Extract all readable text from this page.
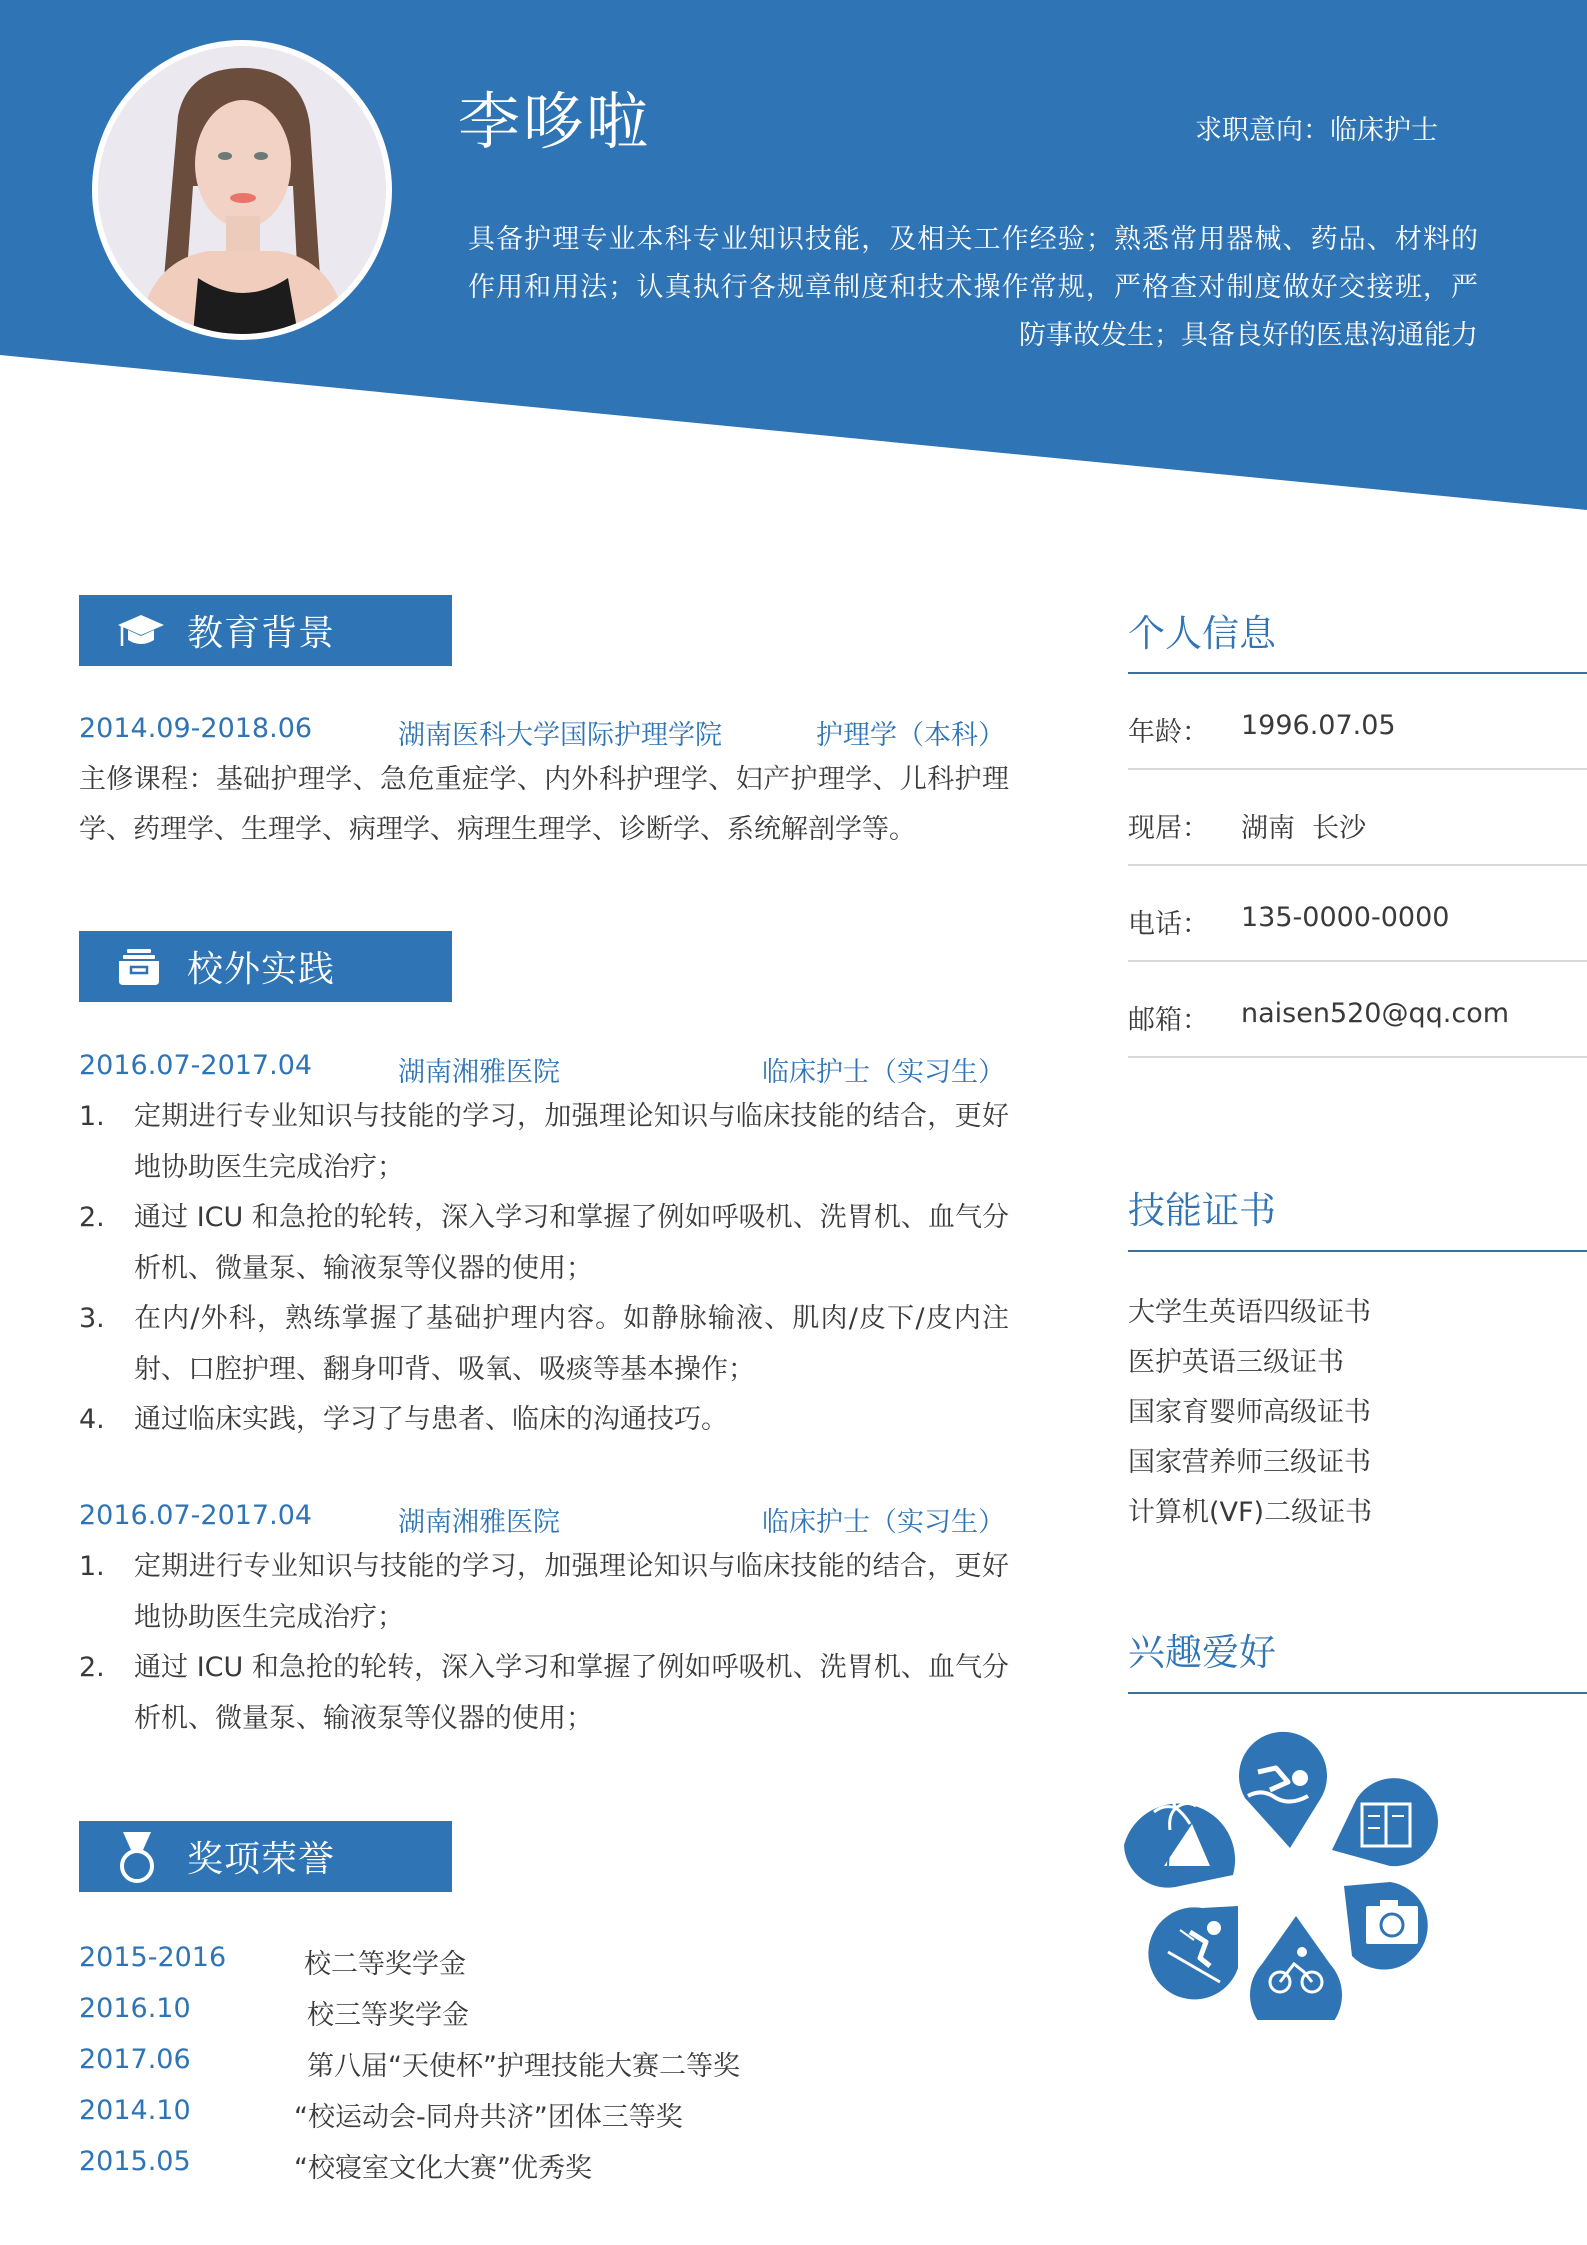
李哆啦	求职意向：临床护士
具备护理专业本科专业知识技能，及相关工作经验；熟悉常用器械、药品、材料的
作用和用法；认真执行各规章制度和技术操作常规，严格查对制度做好交接班，严
防事故发生；具备良好的医患沟通能力
教育背景
2014.09-2018.06	湖南医科大学国际护理学院	护理学（本科）
主修课程：基础护理学、急危重症学、内外科护理学、妇产护理学、儿科护理学、药理学、生理学、病理学、病理生理学、诊断学、系统解剖学等。
校外实践
2016.07-2017.04	湖南湘雅医院	临床护士（实习生）
1. 定期进行专业知识与技能的学习，加强理论知识与临床技能的结合，更好地协助医生完成治疗；
2. 通过 ICU 和急抢的轮转，深入学习和掌握了例如呼吸机、洗胃机、血气分析机、微量泵、输液泵等仪器的使用；
3. 在内/外科，熟练掌握了基础护理内容。如静脉输液、肌肉/皮下/皮内注射、口腔护理、翻身叩背、吸氧、吸痰等基本操作；
4. 通过临床实践，学习了与患者、临床的沟通技巧。
2016.07-2017.04	湖南湘雅医院	临床护士（实习生）
1. 定期进行专业知识与技能的学习，加强理论知识与临床技能的结合，更好地协助医生完成治疗；
2. 通过 ICU 和急抢的轮转，深入学习和掌握了例如呼吸机、洗胃机、血气分析机、微量泵、输液泵等仪器的使用；
奖项荣誉
2015-2016	校二等奖学金
2016.10	校三等奖学金
2017.06	第八届“天使杯”护理技能大赛二等奖
2014.10	“校运动会-同舟共济”团体三等奖
2015.05	“校寝室文化大赛”优秀奖
个人信息
年龄： 1996.07.05
现居： 湖南  长沙
电话： 135-0000-0000
邮箱： naisen520@qq.com
技能证书
大学生英语四级证书
医护英语三级证书
国家育婴师高级证书
国家营养师三级证书
计算机(VF)二级证书
兴趣爱好
